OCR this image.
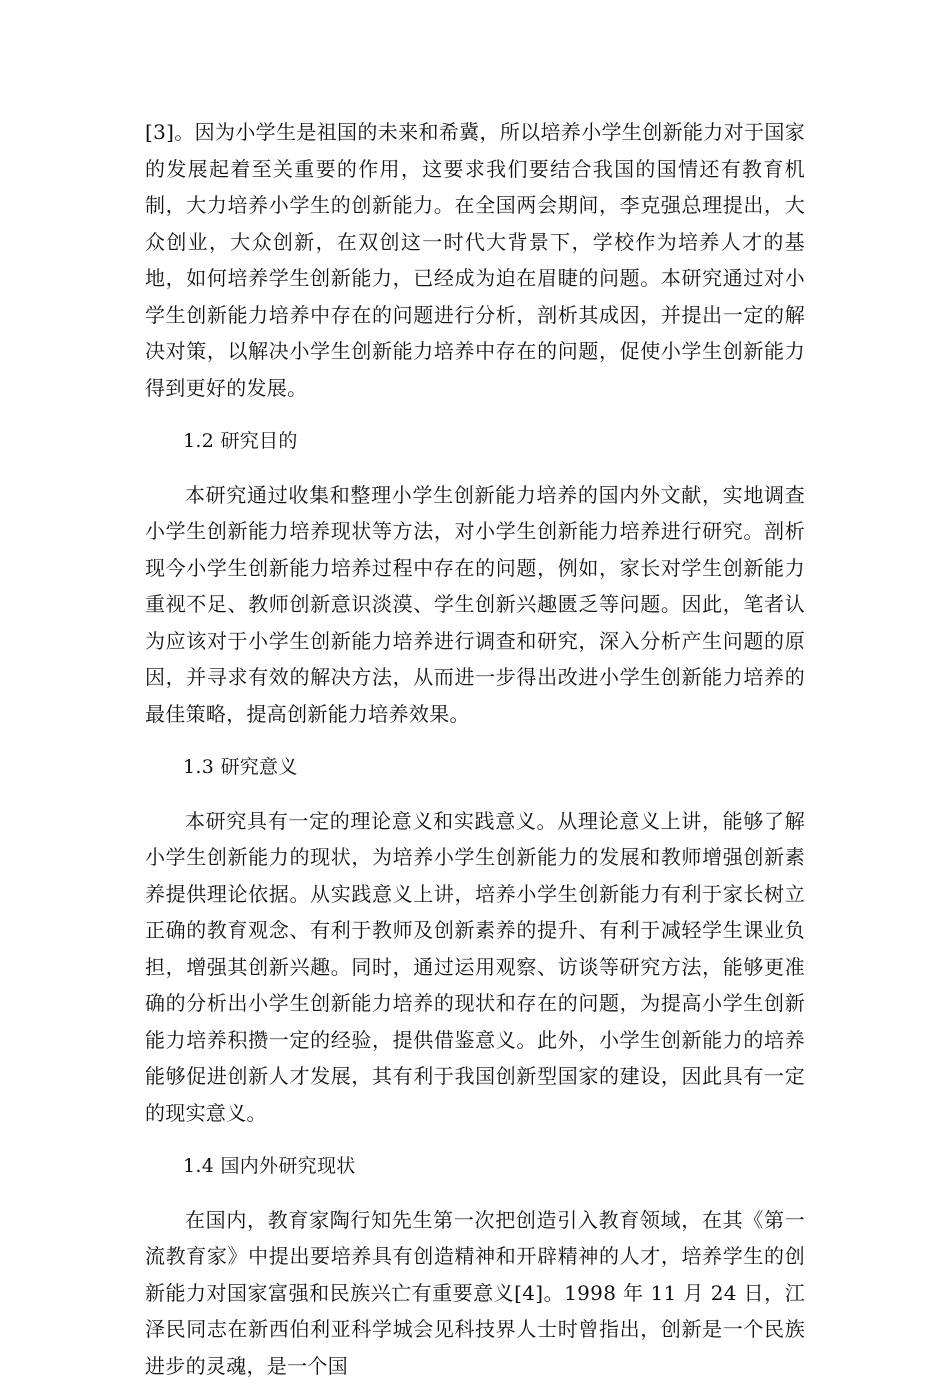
[3]。因为小学生是祖国的未来和希冀，所以培养小学生创新能力对于国家的发展起着至关重要的作用，这要求我们要结合我国的国情还有教育机制，大力培养小学生的创新能力。在全国两会期间，李克强总理提出，大众创业，大众创新，在双创这一时代大背景下，学校作为培养人才的基地，如何培养学生创新能力，已经成为迫在眉睫的问题。本研究通过对小学生创新能力培养中存在的问题进行分析，剖析其成因，并提出一定的解决对策，以解决小学生创新能力培养中存在的问题，促使小学生创新能力得到更好的发展。

1.2 研究目的

本研究通过收集和整理小学生创新能力培养的国内外文献，实地调查小学生创新能力培养现状等方法，对小学生创新能力培养进行研究。剖析现今小学生创新能力培养过程中存在的问题，例如，家长对学生创新能力重视不足、教师创新意识淡漠、学生创新兴趣匮乏等问题。因此，笔者认为应该对于小学生创新能力培养进行调查和研究，深入分析产生问题的原因，并寻求有效的解决方法，从而进一步得出改进小学生创新能力培养的最佳策略，提高创新能力培养效果。

1.3 研究意义

本研究具有一定的理论意义和实践意义。从理论意义上讲，能够了解小学生创新能力的现状，为培养小学生创新能力的发展和教师增强创新素养提供理论依据。从实践意义上讲，培养小学生创新能力有利于家长树立正确的教育观念、有利于教师及创新素养的提升、有利于减轻学生课业负担，增强其创新兴趣。同时，通过运用观察、访谈等研究方法，能够更准确的分析出小学生创新能力培养的现状和存在的问题，为提高小学生创新能力培养积攒一定的经验，提供借鉴意义。此外，小学生创新能力的培养能够促进创新人才发展，其有利于我国创新型国家的建设，因此具有一定的现实意义。

1.4 国内外研究现状

在国内，教育家陶行知先生第一次把创造引入教育领域，在其《第一流教育家》中提出要培养具有创造精神和开辟精神的人才，培养学生的创新能力对国家富强和民族兴亡有重要意义[4]。1998 年 11 月 24 日，江泽民同志在新西伯利亚科学城会见科技界人士时曾指出，创新是一个民族进步的灵魂，是一个国
